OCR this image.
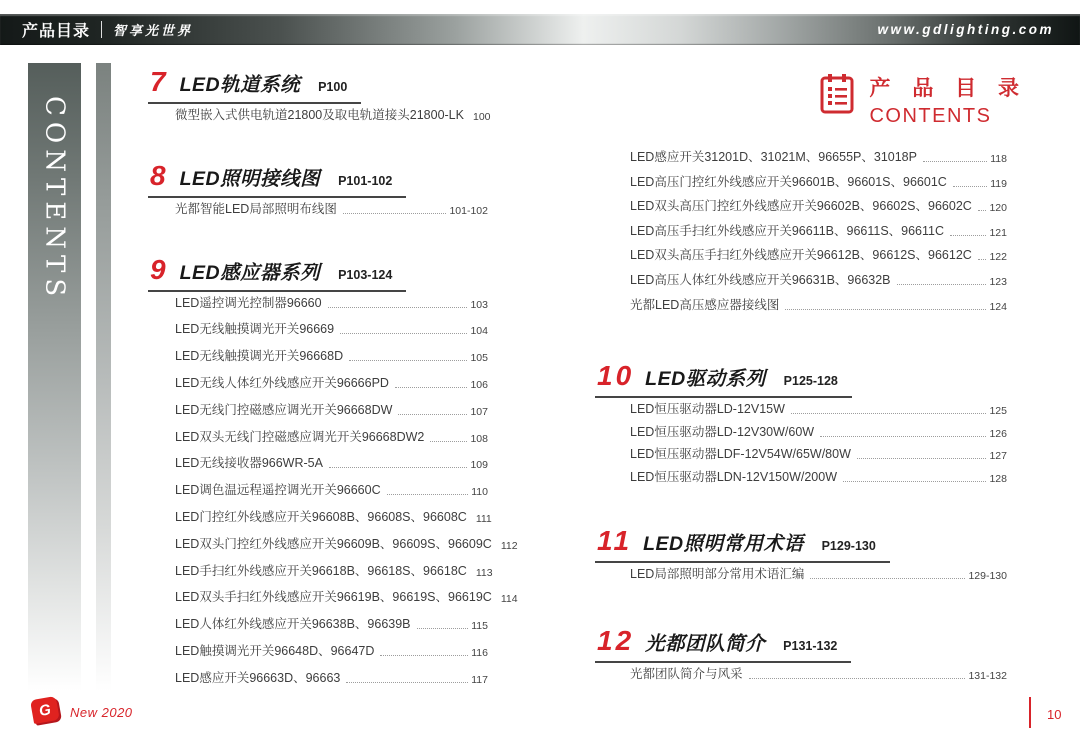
产品目录 智享光世界	www.gdlighting.com
CONTENTS
产 品 目 录
CONTENTS
7 LED轨道系统 P100
微型嵌入式供电轨道21800及取电轨道接头21800-LK 100
8 LED照明接线图 P101-102
光都智能LED局部照明布线图	101-102
9 LED感应器系列 P103-124
LED遥控调光控制器96660	103
LED无线触摸调光开关96669	104
LED无线触摸调光开关96668D	105
LED无线人体红外线感应开关96666PD	106
LED无线门控磁感应调光开关96668DW	107
LED双头无线门控磁感应调光开关96668DW2	108
LED无线接收器966WR-5A	109
LED调色温远程遥控调光开关96660C	110
LED门控红外线感应开关96608B、96608S、96608C 111
LED双头门控红外线感应开关96609B、96609S、96609C 112
LED手扫红外线感应开关96618B、96618S、96618C 113
LED双头手扫红外线感应开关96619B、96619S、96619C 114
LED人体红外线感应开关96638B、96639B	115
LED触摸调光开关96648D、96647D	116
LED感应开关96663D、96663	117
LED感应开关31201D、31021M、96655P、31018P	118
LED高压门控红外线感应开关96601B、96601S、96601C	119
LED双头高压门控红外线感应开关96602B、96602S、96602C 120
LED高压手扫红外线感应开关96611B、96611S、96611C	121
LED双头高压手扫红外线感应开关96612B、96612S、96612C 122
LED高压人体红外线感应开关96631B、96632B	123
光都LED高压感应器接线图	124
10 LED驱动系列 P125-128
LED恒压驱动器LD-12V15W	125
LED恒压驱动器LD-12V30W/60W	126
LED恒压驱动器LDF-12V54W/65W/80W	127
LED恒压驱动器LDN-12V150W/200W	128
11 LED照明常用术语 P129-130
LED局部照明部分常用术语汇编	129-130
12 光都团队简介 P131-132
光都团队简介与风采	131-132
G New 2020	10
